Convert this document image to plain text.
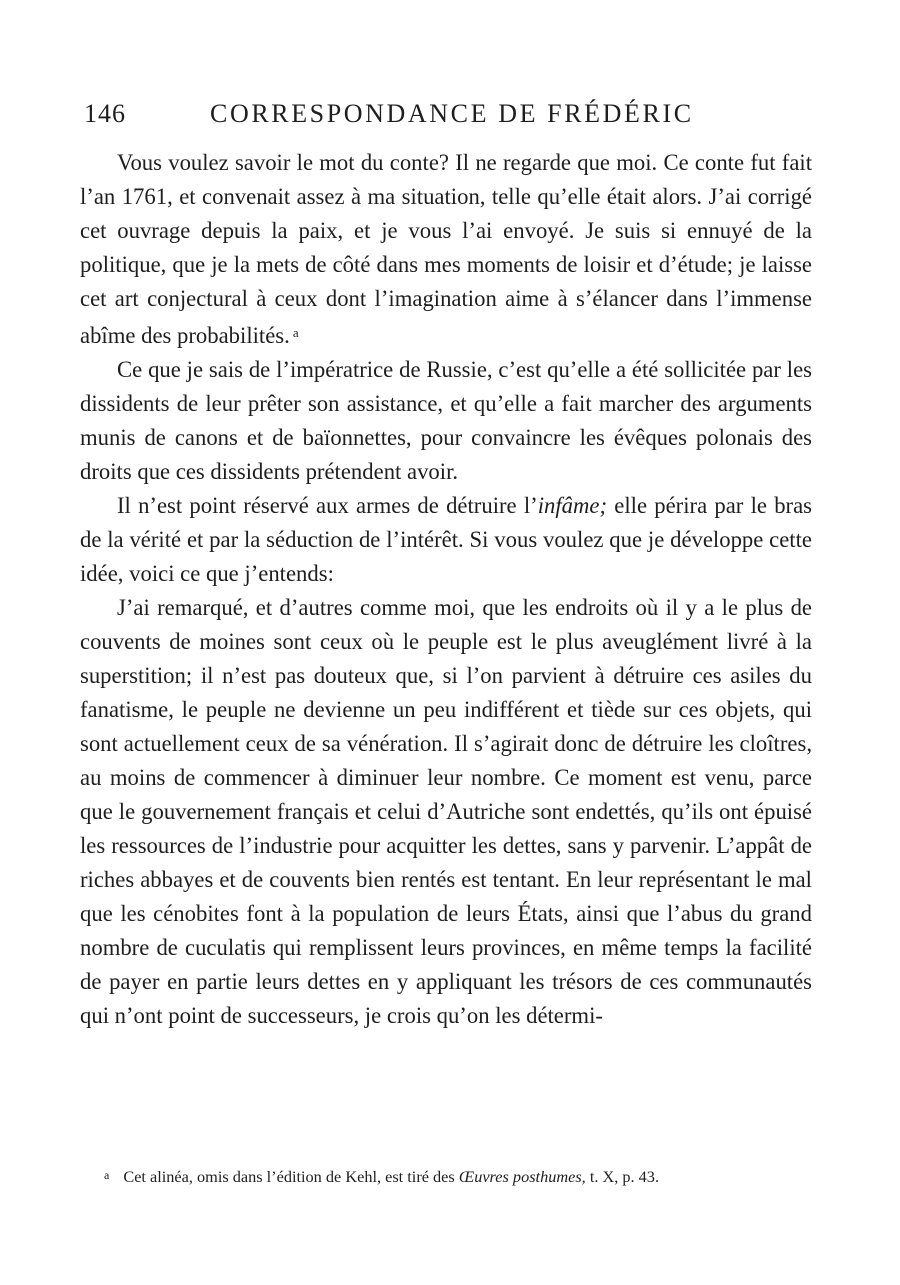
146	CORRESPONDANCE DE FRÉDÉRIC

Vous voulez savoir le mot du conte? Il ne regarde que moi. Ce conte fut fait l’an 1761, et convenait assez à ma situation, telle qu’elle était alors. J’ai corrigé cet ouvrage depuis la paix, et je vous l’ai envoyé. Je suis si ennuyé de la politique, que je la mets de côté dans mes moments de loisir et d’étude; je laisse cet art conjectural à ceux dont l’imagination aime à s’élancer dans l’immense abîme des probabilités. $^a$

Ce que je sais de l’impératrice de Russie, c’est qu’elle a été sollicitée par les dissidents de leur prêter son assistance, et qu’elle a fait marcher des arguments munis de canons et de baïonnettes, pour convaincre les évêques polonais des droits que ces dissidents prétendent avoir.

Il n’est point réservé aux armes de détruire l’infâme; elle périra par le bras de la vérité et par la séduction de l’intérêt. Si vous voulez que je développe cette idée, voici ce que j’entends:

J’ai remarqué, et d’autres comme moi, que les endroits où il y a le plus de couvents de moines sont ceux où le peuple est le plus aveuglément livré à la superstition; il n’est pas douteux que, si l’on parvient à détruire ces asiles du fanatisme, le peuple ne devienne un peu indifférent et tiède sur ces objets, qui sont actuellement ceux de sa vénération. Il s’agirait donc de détruire les cloîtres, au moins de commencer à diminuer leur nombre. Ce moment est venu, parce que le gouvernement français et celui d’Autriche sont endettés, qu’ils ont épuisé les ressources de l’industrie pour acquitter les dettes, sans y parvenir. L’appât de riches abbayes et de couvents bien rentés est tentant. En leur représentant le mal que les cénobites font à la population de leurs États, ainsi que l’abus du grand nombre de cuculatis qui remplissent leurs provinces, en même temps la facilité de payer en partie leurs dettes en y appliquant les trésors de ces communautés qui n’ont point de successeurs, je crois qu’on les détermi-

a Cet alinéa, omis dans l’édition de Kehl, est tiré des Œuvres posthumes, t. X, p. 43.
